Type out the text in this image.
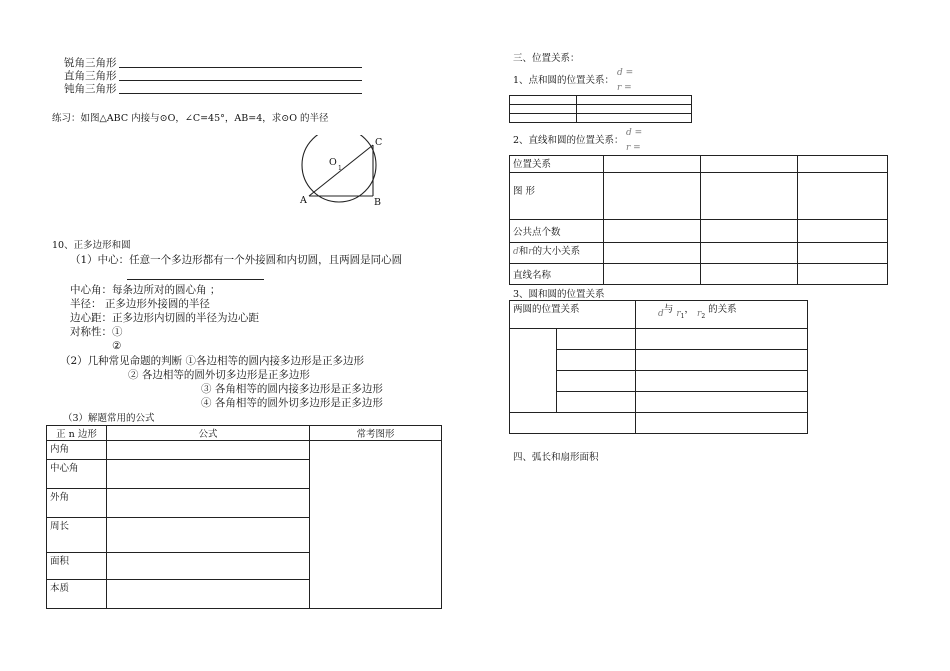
锐角三角形
直角三角形
钝角三角形
练习：如图△ABC 内接与⊙O，∠C=45°，AB=4，求⊙O 的半径
C
O
1
A	B
10、正多边形和圆
（1）中心：任意一个多边形都有一个外接圆和内切圆，且两圆是同心圆
中心角：每条边所对的圆心角 ；
半径： 正多边形外接圆的半径
边心距：正多边形内切圆的半径为边心距
对称性：①
②
（2）几种常见命题的判断 ①各边相等的圆内接多边形是正多边形
② 各边相等的圆外切多边形是正多边形
③ 各角相等的圆内接多边形是正多边形
④ 各角相等的圆外切多边形是正多边形
（3）解题常用的公式
正 n 边形	公式	常考图形
内角		
中心角		
外角		
周长		
面积		
本质		
三、位置关系：
1、点和圆的位置关系：
d =
r =

2、直线和圆的位置关系：
d =
r =
位置关系			
图 形			
公共点个数			
d和r的大小关系			
直线名称			
3、圆和圆的位置关系
两圆的位置关系		d与 $r_1$， $r_2$ 的关系

四、弧长和扇形面积
